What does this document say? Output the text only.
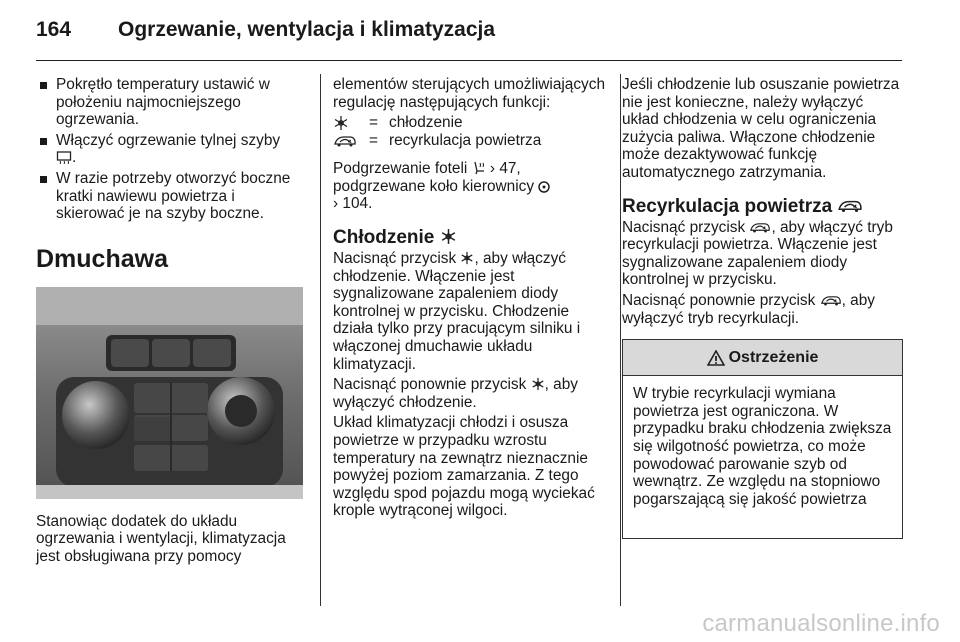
164	Ogrzewanie, wentylacja i klimatyzacja
Pokrętło temperatury ustawić w położeniu najmocniejszego ogrzewania.
Włączyć ogrzewanie tylnej szyby
.
W razie potrzeby otworzyć boczne kratki nawiewu powietrza i skierować je na szyby boczne.
Dmuchawa
Stanowiąc dodatek do układu ogrzewania i wentylacji, klimatyzacja jest obsługiwana przy pomocy
elementów sterujących umożliwiających regulację następujących funkcji:
= chłodzenie
= recyrkulacja powietrza
Podgrzewanie foteli › 47,
podgrzewane koło kierownicy
› 104.
Chłodzenie
Nacisnąć przycisk , aby włączyć chłodzenie. Włączenie jest sygnalizowane zapaleniem diody kontrolnej w przycisku. Chłodzenie działa tylko przy pracującym silniku i włączonej dmuchawie układu klimatyzacji.
Nacisnąć ponownie przycisk , aby wyłączyć chłodzenie.
Układ klimatyzacji chłodzi i osusza powietrze w przypadku wzrostu temperatury na zewnątrz nieznacznie powyżej poziom zamarzania. Z tego względu spod pojazdu mogą wyciekać krople wytrąconej wilgoci.
Jeśli chłodzenie lub osuszanie powietrza nie jest konieczne, należy wyłączyć układ chłodzenia w celu ograniczenia zużycia paliwa. Włączone chłodzenie może dezaktywować funkcję automatycznego zatrzymania.
Recyrkulacja powietrza
Nacisnąć przycisk , aby włączyć tryb recyrkulacji powietrza. Włączenie jest sygnalizowane zapaleniem diody kontrolnej w przycisku.
Nacisnąć ponownie przycisk , aby wyłączyć tryb recyrkulacji.
Ostrzeżenie
W trybie recyrkulacji wymiana powietrza jest ograniczona. W przypadku braku chłodzenia zwiększa się wilgotność powietrza, co może powodować parowanie szyb od wewnątrz. Ze względu na stopniowo pogarszającą się jakość powietrza
carmanualsonline.info
